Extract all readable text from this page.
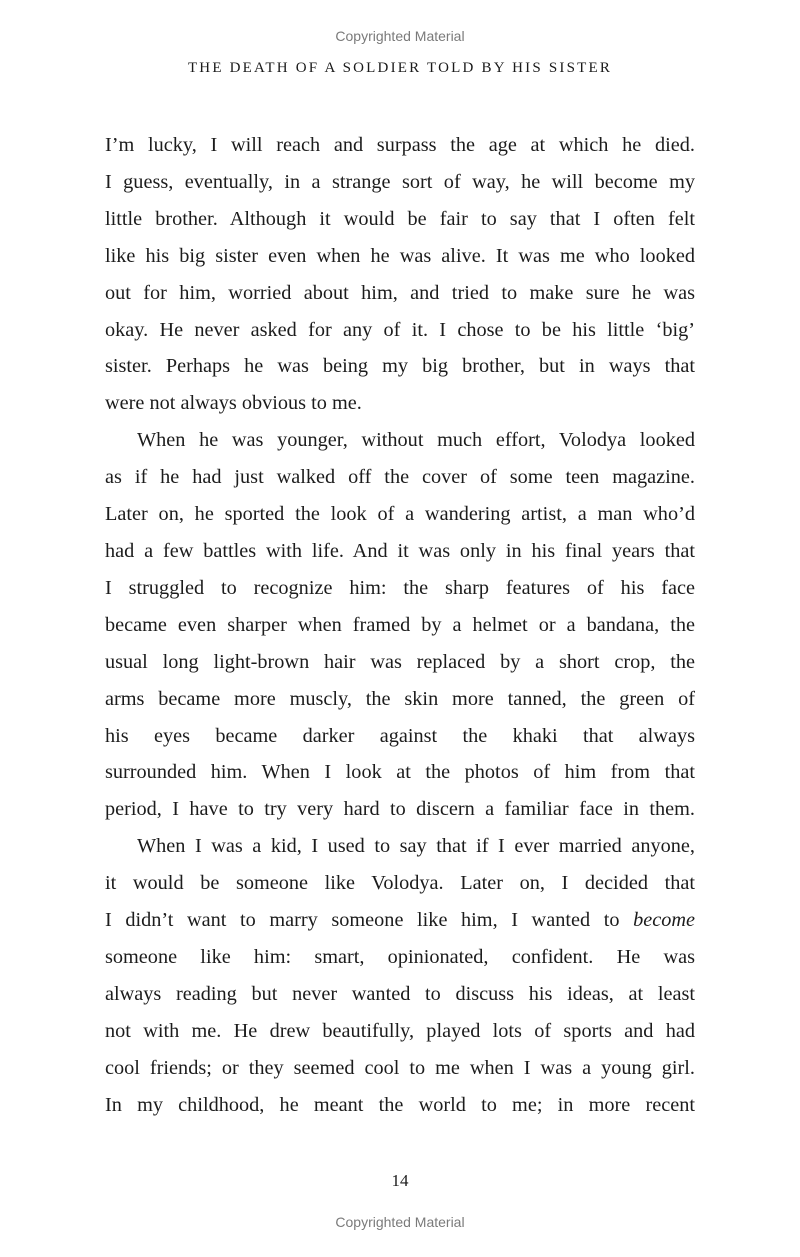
Copyrighted Material
THE DEATH OF A SOLDIER TOLD BY HIS SISTER
I’m lucky, I will reach and surpass the age at which he died.
I guess, eventually, in a strange sort of way, he will become my
little brother. Although it would be fair to say that I often felt
like his big sister even when he was alive. It was me who looked
out for him, worried about him, and tried to make sure he was
okay. He never asked for any of it. I chose to be his little ‘big’
sister. Perhaps he was being my big brother, but in ways that
were not always obvious to me.
When he was younger, without much effort, Volodya looked
as if he had just walked off the cover of some teen magazine.
Later on, he sported the look of a wandering artist, a man who’d
had a few battles with life. And it was only in his final years that
I struggled to recognize him: the sharp features of his face
became even sharper when framed by a helmet or a bandana, the
usual long light-brown hair was replaced by a short crop, the
arms became more muscly, the skin more tanned, the green of
his eyes became darker against the khaki that always
surrounded him. When I look at the photos of him from that
period, I have to try very hard to discern a familiar face in them.
When I was a kid, I used to say that if I ever married anyone,
it would be someone like Volodya. Later on, I decided that
I didn’t want to marry someone like him, I wanted to become
someone like him: smart, opinionated, confident. He was
always reading but never wanted to discuss his ideas, at least
not with me. He drew beautifully, played lots of sports and had
cool friends; or they seemed cool to me when I was a young girl.
In my childhood, he meant the world to me; in more recent
14
Copyrighted Material
